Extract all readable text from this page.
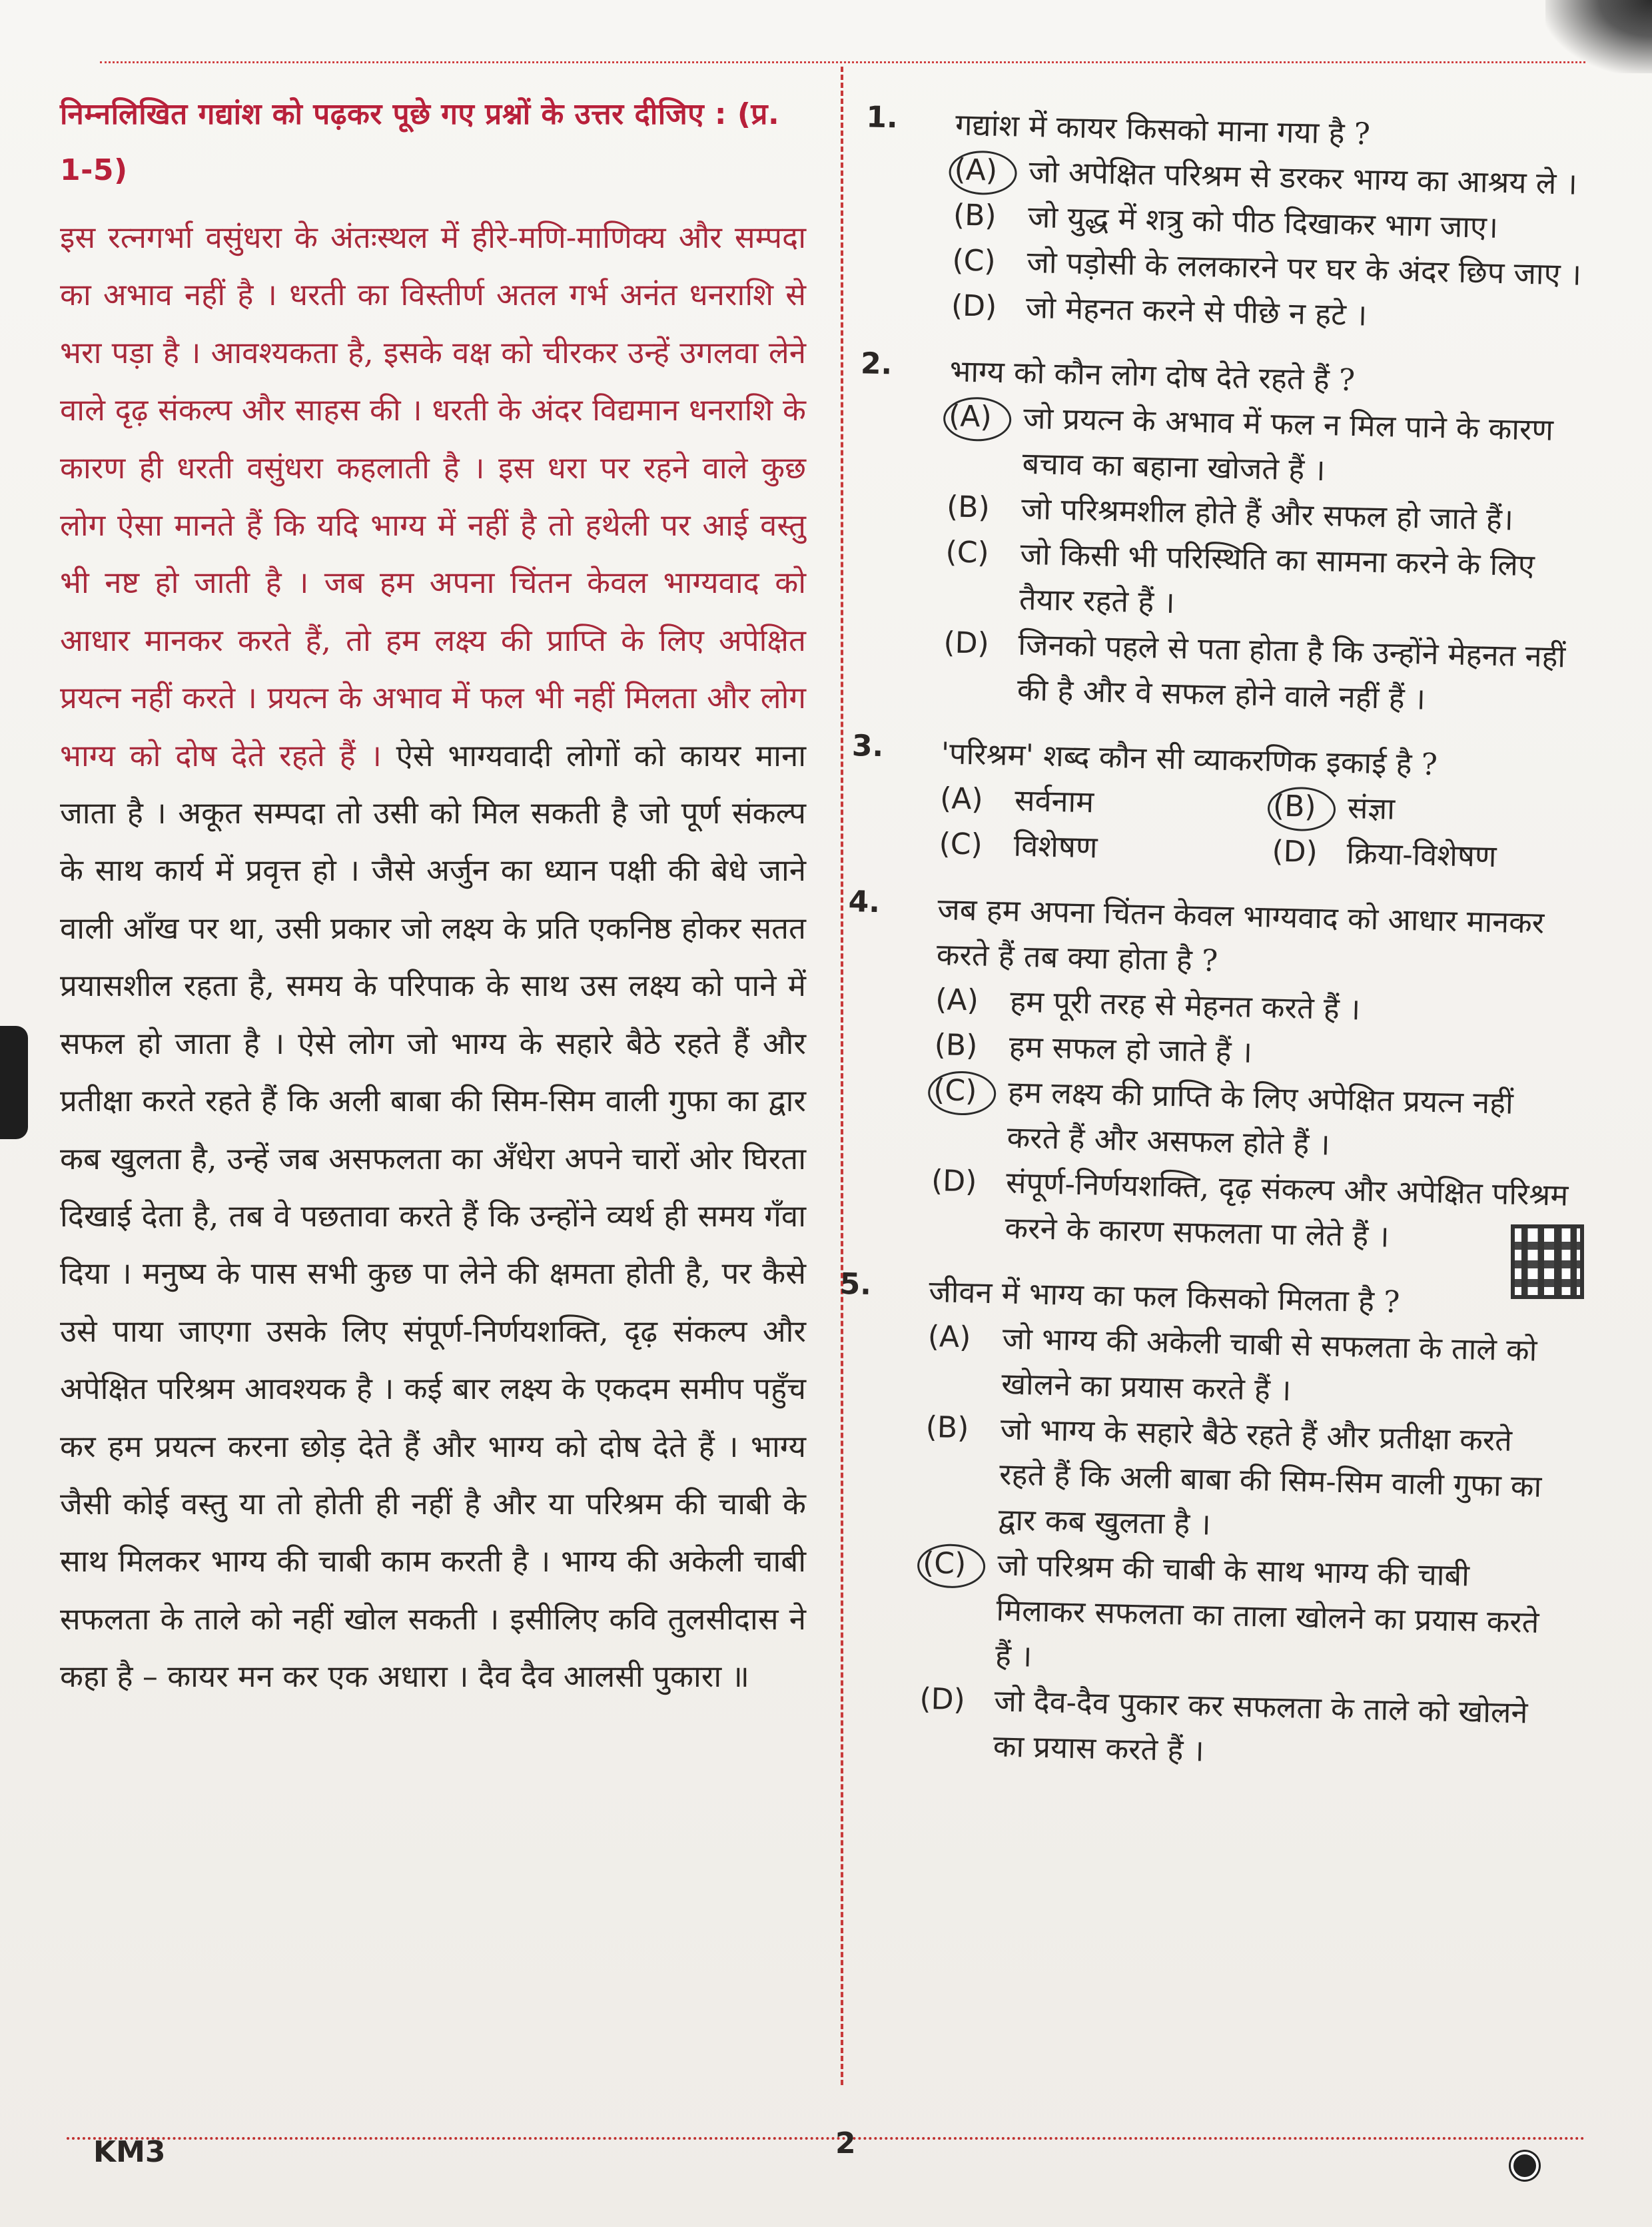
निम्नलिखित गद्यांश को पढ़कर पूछे गए प्रश्नों के उत्तर दीजिए : (प्र. 1-5)

इस रत्नगर्भा वसुंधरा के अंतःस्थल में हीरे-मणि-माणिक्य और सम्पदा का अभाव नहीं है । धरती का विस्तीर्ण अतल गर्भ अनंत धनराशि से भरा पड़ा है । आवश्यकता है, इसके वक्ष को चीरकर उन्हें उगलवा लेने वाले दृढ़ संकल्प और साहस की । धरती के अंदर विद्यमान धनराशि के कारण ही धरती वसुंधरा कहलाती है । इस धरा पर रहने वाले कुछ लोग ऐसा मानते हैं कि यदि भाग्य में नहीं है तो हथेली पर आई वस्तु भी नष्ट हो जाती है । जब हम अपना चिंतन केवल भाग्यवाद को आधार मानकर करते हैं, तो हम लक्ष्य की प्राप्ति के लिए अपेक्षित प्रयत्न नहीं करते । प्रयत्न के अभाव में फल भी नहीं मिलता और लोग भाग्य को दोष देते रहते हैं । ऐसे भाग्यवादी लोगों को कायर माना जाता है । अकूत सम्पदा तो उसी को मिल सकती है जो पूर्ण संकल्प के साथ कार्य में प्रवृत्त हो । जैसे अर्जुन का ध्यान पक्षी की बेधे जाने वाली आँख पर था, उसी प्रकार जो लक्ष्य के प्रति एकनिष्ठ होकर सतत प्रयासशील रहता है, समय के परिपाक के साथ उस लक्ष्य को पाने में सफल हो जाता है । ऐसे लोग जो भाग्य के सहारे बैठे रहते हैं और प्रतीक्षा करते रहते हैं कि अली बाबा की सिम-सिम वाली गुफा का द्वार कब खुलता है, उन्हें जब असफलता का अँधेरा अपने चारों ओर घिरता दिखाई देता है, तब वे पछतावा करते हैं कि उन्होंने व्यर्थ ही समय गँवा दिया । मनुष्य के पास सभी कुछ पा लेने की क्षमता होती है, पर कैसे उसे पाया जाएगा उसके लिए संपूर्ण-निर्णयशक्ति, दृढ़ संकल्प और अपेक्षित परिश्रम आवश्यक है । कई बार लक्ष्य के एकदम समीप पहुँच कर हम प्रयत्न करना छोड़ देते हैं और भाग्य को दोष देते हैं । भाग्य जैसी कोई वस्तु या तो होती ही नहीं है और या परिश्रम की चाबी के साथ मिलकर भाग्य की चाबी काम करती है । भाग्य की अकेली चाबी सफलता के ताले को नहीं खोल सकती । इसीलिए कवि तुलसीदास ने कहा है – कायर मन कर एक अधारा । दैव दैव आलसी पुकारा ॥

1. गद्यांश में कायर किसको माना गया है ?
(A)	जो अपेक्षित परिश्रम से डरकर भाग्य का आश्रय ले ।
(B)	जो युद्ध में शत्रु को पीठ दिखाकर भाग जाए।
(C)	जो पड़ोसी के ललकारने पर घर के अंदर छिप जाए ।
(D) जो मेहनत करने से पीछे न हटे ।
2. भाग्य को कौन लोग दोष देते रहते हैं ?
(A)	जो प्रयत्न के अभाव में फल न मिल पाने के कारण बचाव का बहाना खोजते हैं ।
(B)	जो परिश्रमशील होते हैं और सफल हो जाते हैं।
(C)	जो किसी भी परिस्थिति का सामना करने के लिए तैयार रहते हैं ।
(D) जिनको पहले से पता होता है कि उन्होंने मेहनत नहीं की है और वे सफल होने वाले नहीं हैं ।
3. 'परिश्रम' शब्द कौन सी व्याकरणिक इकाई है ?
(A)	सर्वनाम	(B)	संज्ञा
(C)	विशेषण	(D) क्रिया-विशेषण
4. जब हम अपना चिंतन केवल भाग्यवाद को आधार मानकर करते हैं तब क्या होता है ?
(A)	हम पूरी तरह से मेहनत करते हैं ।
(B)	हम सफल हो जाते हैं ।
(C)	हम लक्ष्य की प्राप्ति के लिए अपेक्षित प्रयत्न नहीं करते हैं और असफल होते हैं ।
(D) संपूर्ण-निर्णयशक्ति, दृढ़ संकल्प और अपेक्षित परिश्रम करने के कारण सफलता पा लेते हैं ।
5. जीवन में भाग्य का फल किसको मिलता है ?
(A)	जो भाग्य की अकेली चाबी से सफलता के ताले को खोलने का प्रयास करते हैं ।
(B)	जो भाग्य के सहारे बैठे रहते हैं और प्रतीक्षा करते रहते हैं कि अली बाबा की सिम-सिम वाली गुफा का द्वार कब खुलता है ।
(C)	जो परिश्रम की चाबी के साथ भाग्य की चाबी मिलाकर सफलता का ताला खोलने का प्रयास करते हैं ।
(D) जो दैव-दैव पुकार कर सफलता के ताले को खोलने का प्रयास करते हैं ।
KM3	2
